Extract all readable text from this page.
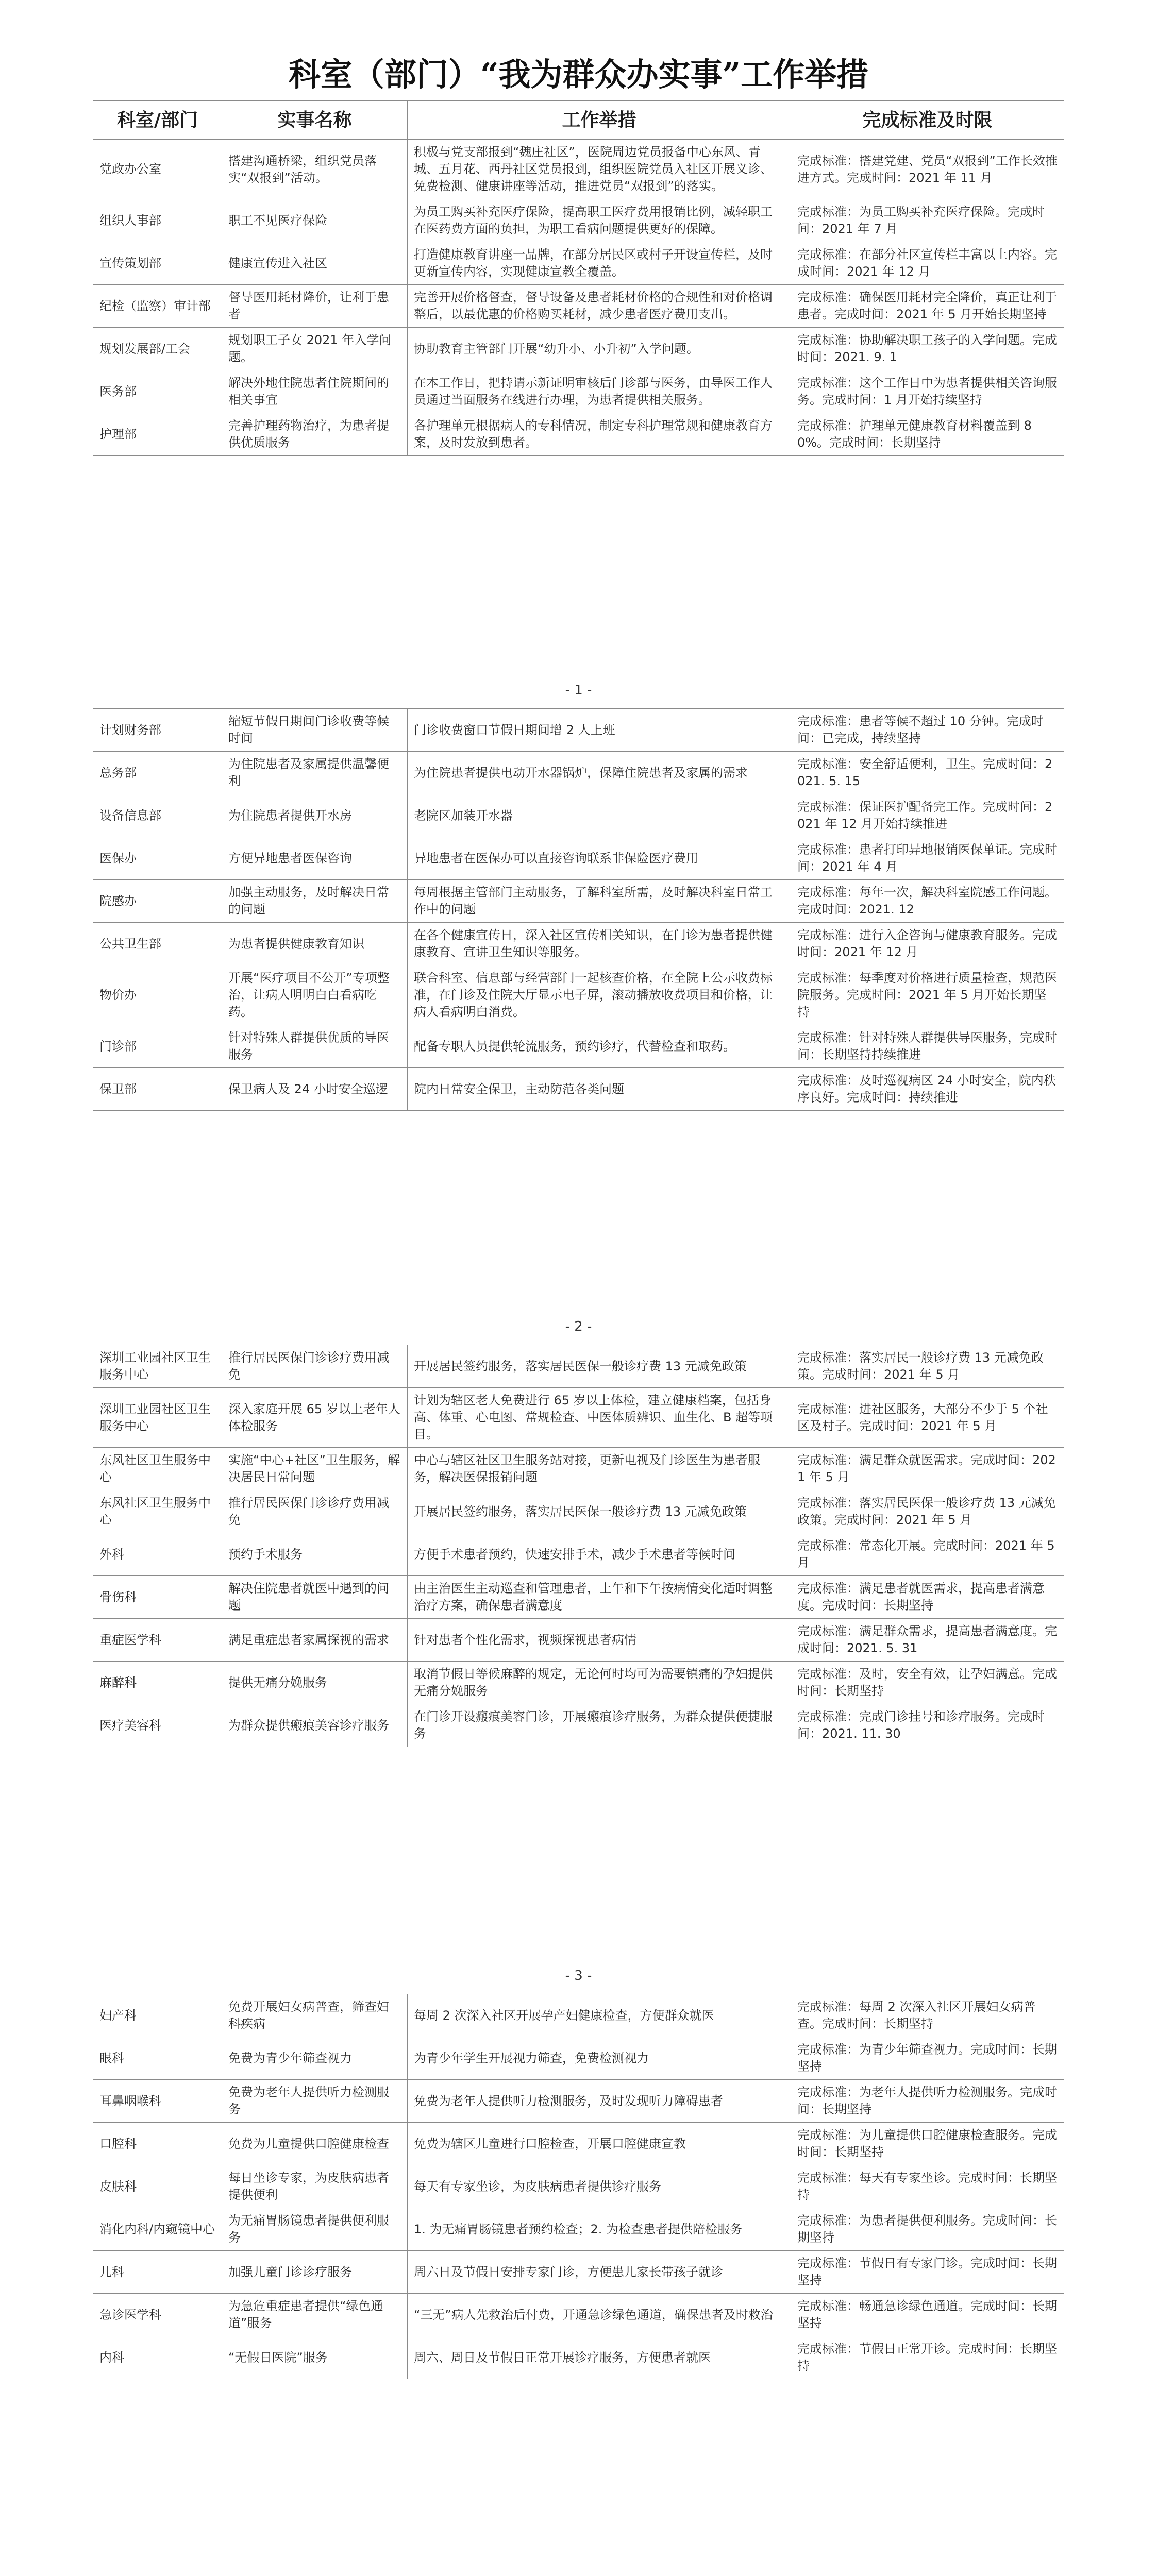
科室（部门）“我为群众办实事”工作举措
科室/部门	实事名称	工作举措	完成标准及时限
党政办公室	搭建沟通桥梁，组织党员落实“双报到”活动。	积极与党支部报到“魏庄社区”，医院周边党员报备中心东风、青城、五月花、西丹社区党员报到，组织医院党员入社区开展义诊、免费检测、健康讲座等活动，推进党员“双报到”的落实。	完成标准：搭建党建、党员“双报到”工作长效推进方式。完成时间：2021 年 11 月
组织人事部	职工不见医疗保险	为员工购买补充医疗保险，提高职工医疗费用报销比例，减轻职工在医药费方面的负担，为职工看病问题提供更好的保障。	完成标准：为员工购买补充医疗保险。完成时间：2021 年 7 月
宣传策划部	健康宣传进入社区	打造健康教育讲座一品牌，在部分居民区或村子开设宣传栏，及时更新宣传内容，实现健康宣教全覆盖。	完成标准：在部分社区宣传栏丰富以上内容。完成时间：2021 年 12 月
纪检（监察）审计部	督导医用耗材降价，让利于患者	完善开展价格督查，督导设备及患者耗材价格的合规性和对价格调整后，以最优惠的价格购买耗材，减少患者医疗费用支出。	完成标准：确保医用耗材完全降价，真正让利于患者。完成时间：2021 年 5 月开始长期坚持
规划发展部/工会	规划职工子女 2021 年入学问题。	协助教育主管部门开展“幼升小、小升初”入学问题。	完成标准：协助解决职工孩子的入学问题。完成时间：2021. 9. 1
医务部	解决外地住院患者住院期间的相关事宜	在本工作日，把持请示新证明审核后门诊部与医务，由导医工作人员通过当面服务在线进行办理，为患者提供相关服务。	完成标准：这个工作日中为患者提供相关咨询服务。完成时间：1 月开始持续坚持
护理部	完善护理药物治疗，为患者提供优质服务	各护理单元根据病人的专科情况，制定专科护理常规和健康教育方案，及时发放到患者。	完成标准：护理单元健康教育材料覆盖到 80%。完成时间：长期坚持
- 1 -
计划财务部	缩短节假日期间门诊收费等候时间	门诊收费窗口节假日期间增 2 人上班	完成标准：患者等候不超过 10 分钟。完成时间：已完成，持续坚持
总务部	为住院患者及家属提供温馨便利	为住院患者提供电动开水器锅炉，保障住院患者及家属的需求	完成标准：安全舒适便利，卫生。完成时间：2021. 5. 15
设备信息部	为住院患者提供开水房	老院区加装开水器	完成标准：保证医护配备完工作。完成时间：2021 年 12 月开始持续推进
医保办	方便异地患者医保咨询	异地患者在医保办可以直接咨询联系非保险医疗费用	完成标准：患者打印异地报销医保单证。完成时间：2021 年 4 月
院感办	加强主动服务，及时解决日常的问题	每周根据主管部门主动服务，了解科室所需，及时解决科室日常工作中的问题	完成标准：每年一次，解决科室院感工作问题。完成时间：2021. 12
公共卫生部	为患者提供健康教育知识	在各个健康宣传日，深入社区宣传相关知识，在门诊为患者提供健康教育、宣讲卫生知识等服务。	完成标准：进行入企咨询与健康教育服务。完成时间：2021 年 12 月
物价办	开展“医疗项目不公开”专项整治，让病人明明白白看病吃药。	联合科室、信息部与经营部门一起核查价格，在全院上公示收费标准，在门诊及住院大厅显示电子屏，滚动播放收费项目和价格，让病人看病明白消费。	完成标准：每季度对价格进行质量检查，规范医院服务。完成时间：2021 年 5 月开始长期坚持
门诊部	针对特殊人群提供优质的导医服务	配备专职人员提供轮流服务，预约诊疗，代替检查和取药。	完成标准：针对特殊人群提供导医服务，完成时间：长期坚持持续推进
保卫部	保卫病人及 24 小时安全巡逻	院内日常安全保卫，主动防范各类问题	完成标准：及时巡视病区 24 小时安全，院内秩序良好。完成时间：持续推进
- 2 -
深圳工业园社区卫生服务中心	推行居民医保门诊诊疗费用减免	开展居民签约服务，落实居民医保一般诊疗费 13 元减免政策	完成标准：落实居民一般诊疗费 13 元减免政策。完成时间：2021 年 5 月
深圳工业园社区卫生服务中心	深入家庭开展 65 岁以上老年人体检服务	计划为辖区老人免费进行 65 岁以上体检，建立健康档案，包括身高、体重、心电图、常规检查、中医体质辨识、血生化、B 超等项目。	完成标准：进社区服务，大部分不少于 5 个社区及村子。完成时间：2021 年 5 月
东风社区卫生服务中心	实施“中心+社区”卫生服务，解决居民日常问题	中心与辖区社区卫生服务站对接，更新电视及门诊医生为患者服务，解决医保报销问题	完成标准：满足群众就医需求。完成时间：2021 年 5 月
东风社区卫生服务中心	推行居民医保门诊诊疗费用减免	开展居民签约服务，落实居民医保一般诊疗费 13 元减免政策	完成标准：落实居民医保一般诊疗费 13 元减免政策。完成时间：2021 年 5 月
外科	预约手术服务	方便手术患者预约，快速安排手术，减少手术患者等候时间	完成标准：常态化开展。完成时间：2021 年 5 月
骨伤科	解决住院患者就医中遇到的问题	由主治医生主动巡查和管理患者，上午和下午按病情变化适时调整治疗方案，确保患者满意度	完成标准：满足患者就医需求，提高患者满意度。完成时间：长期坚持
重症医学科	满足重症患者家属探视的需求	针对患者个性化需求，视频探视患者病情	完成标准：满足群众需求，提高患者满意度。完成时间：2021. 5. 31
麻醉科	提供无痛分娩服务	取消节假日等候麻醉的规定，无论何时均可为需要镇痛的孕妇提供无痛分娩服务	完成标准：及时，安全有效，让孕妇满意。完成时间：长期坚持
医疗美容科	为群众提供瘢痕美容诊疗服务	在门诊开设瘢痕美容门诊，开展瘢痕诊疗服务，为群众提供便捷服务	完成标准：完成门诊挂号和诊疗服务。完成时间：2021. 11. 30
- 3 -
妇产科	免费开展妇女病普查，筛查妇科疾病	每周 2 次深入社区开展孕产妇健康检查，方便群众就医	完成标准：每周 2 次深入社区开展妇女病普查。完成时间：长期坚持
眼科	免费为青少年筛查视力	为青少年学生开展视力筛查，免费检测视力	完成标准：为青少年筛查视力。完成时间：长期坚持
耳鼻咽喉科	免费为老年人提供听力检测服务	免费为老年人提供听力检测服务，及时发现听力障碍患者	完成标准：为老年人提供听力检测服务。完成时间：长期坚持
口腔科	免费为儿童提供口腔健康检查	免费为辖区儿童进行口腔检查，开展口腔健康宣教	完成标准：为儿童提供口腔健康检查服务。完成时间：长期坚持
皮肤科	每日坐诊专家，为皮肤病患者提供便利	每天有专家坐诊，为皮肤病患者提供诊疗服务	完成标准：每天有专家坐诊。完成时间：长期坚持
消化内科/内窥镜中心	为无痛胃肠镜患者提供便利服务	1. 为无痛胃肠镜患者预约检查；2. 为检查患者提供陪检服务	完成标准：为患者提供便利服务。完成时间：长期坚持
儿科	加强儿童门诊诊疗服务	周六日及节假日安排专家门诊，方便患儿家长带孩子就诊	完成标准：节假日有专家门诊。完成时间：长期坚持
急诊医学科	为急危重症患者提供“绿色通道”服务	“三无”病人先救治后付费，开通急诊绿色通道，确保患者及时救治	完成标准：畅通急诊绿色通道。完成时间：长期坚持
内科	“无假日医院”服务	周六、周日及节假日正常开展诊疗服务，方便患者就医	完成标准：节假日正常开诊。完成时间：长期坚持
